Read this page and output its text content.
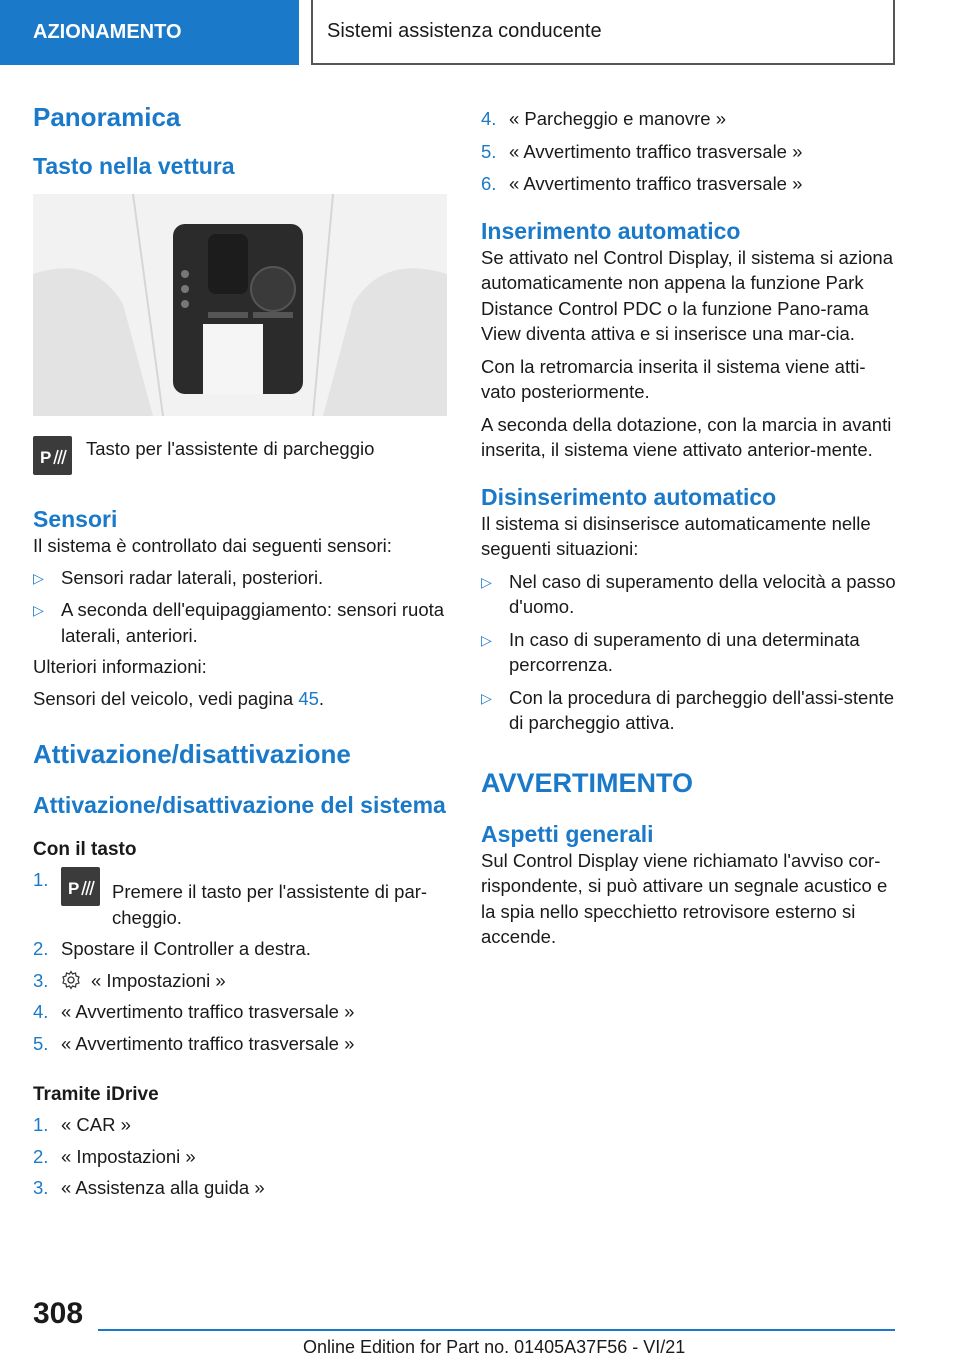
AZIONAMENTO	Sistemi assistenza conducente
Panoramica
Tasto nella vettura
P Tasto per l'assistente di parcheggio

Sensori

Il sistema è controllato dai seguenti sensori:

▷ Sensori radar laterali, posteriori.
▷ A seconda dell'equipaggiamento: sensori ruota laterali, anteriori.

Ulteriori informazioni:

Sensori del veicolo, vedi pagina 45.

Attivazione/disattivazione
Attivazione/disattivazione del sistema
Con il tasto
1.	P Premere il tasto per l'assistente di par‐cheggio.
2. Spostare il Controller a destra.
3.	« Impostazioni »
4. « Avvertimento traffico trasversale »
5. « Avvertimento traffico trasversale »
Tramite iDrive
1. « CAR »
2. « Impostazioni »
3. « Assistenza alla guida »
4. « Parcheggio e manovre »
5. « Avvertimento traffico trasversale »
6. « Avvertimento traffico trasversale »
Inserimento automatico

Se attivato nel Control Display, il sistema si aziona automaticamente non appena la funzione Park Distance Control PDC o la funzione Pano‐rama View diventa attiva e si inserisce una mar‐cia.

Con la retromarcia inserita il sistema viene atti‐vato posteriormente.

A seconda della dotazione, con la marcia in avanti inserita, il sistema viene attivato anterior‐mente.

Disinserimento automatico

Il sistema si disinserisce automaticamente nelle seguenti situazioni:

▷ Nel caso di superamento della velocità a passo d'uomo.
▷ In caso di superamento di una determinata percorrenza.
▷ Con la procedura di parcheggio dell'assi‐stente di parcheggio attiva.
AVVERTIMENTO
Aspetti generali

Sul Control Display viene richiamato l'avviso cor‐rispondente, si può attivare un segnale acustico e la spia nello specchietto retrovisore esterno si accende.

308
Online Edition for Part no. 01405A37F56 - VI/21
